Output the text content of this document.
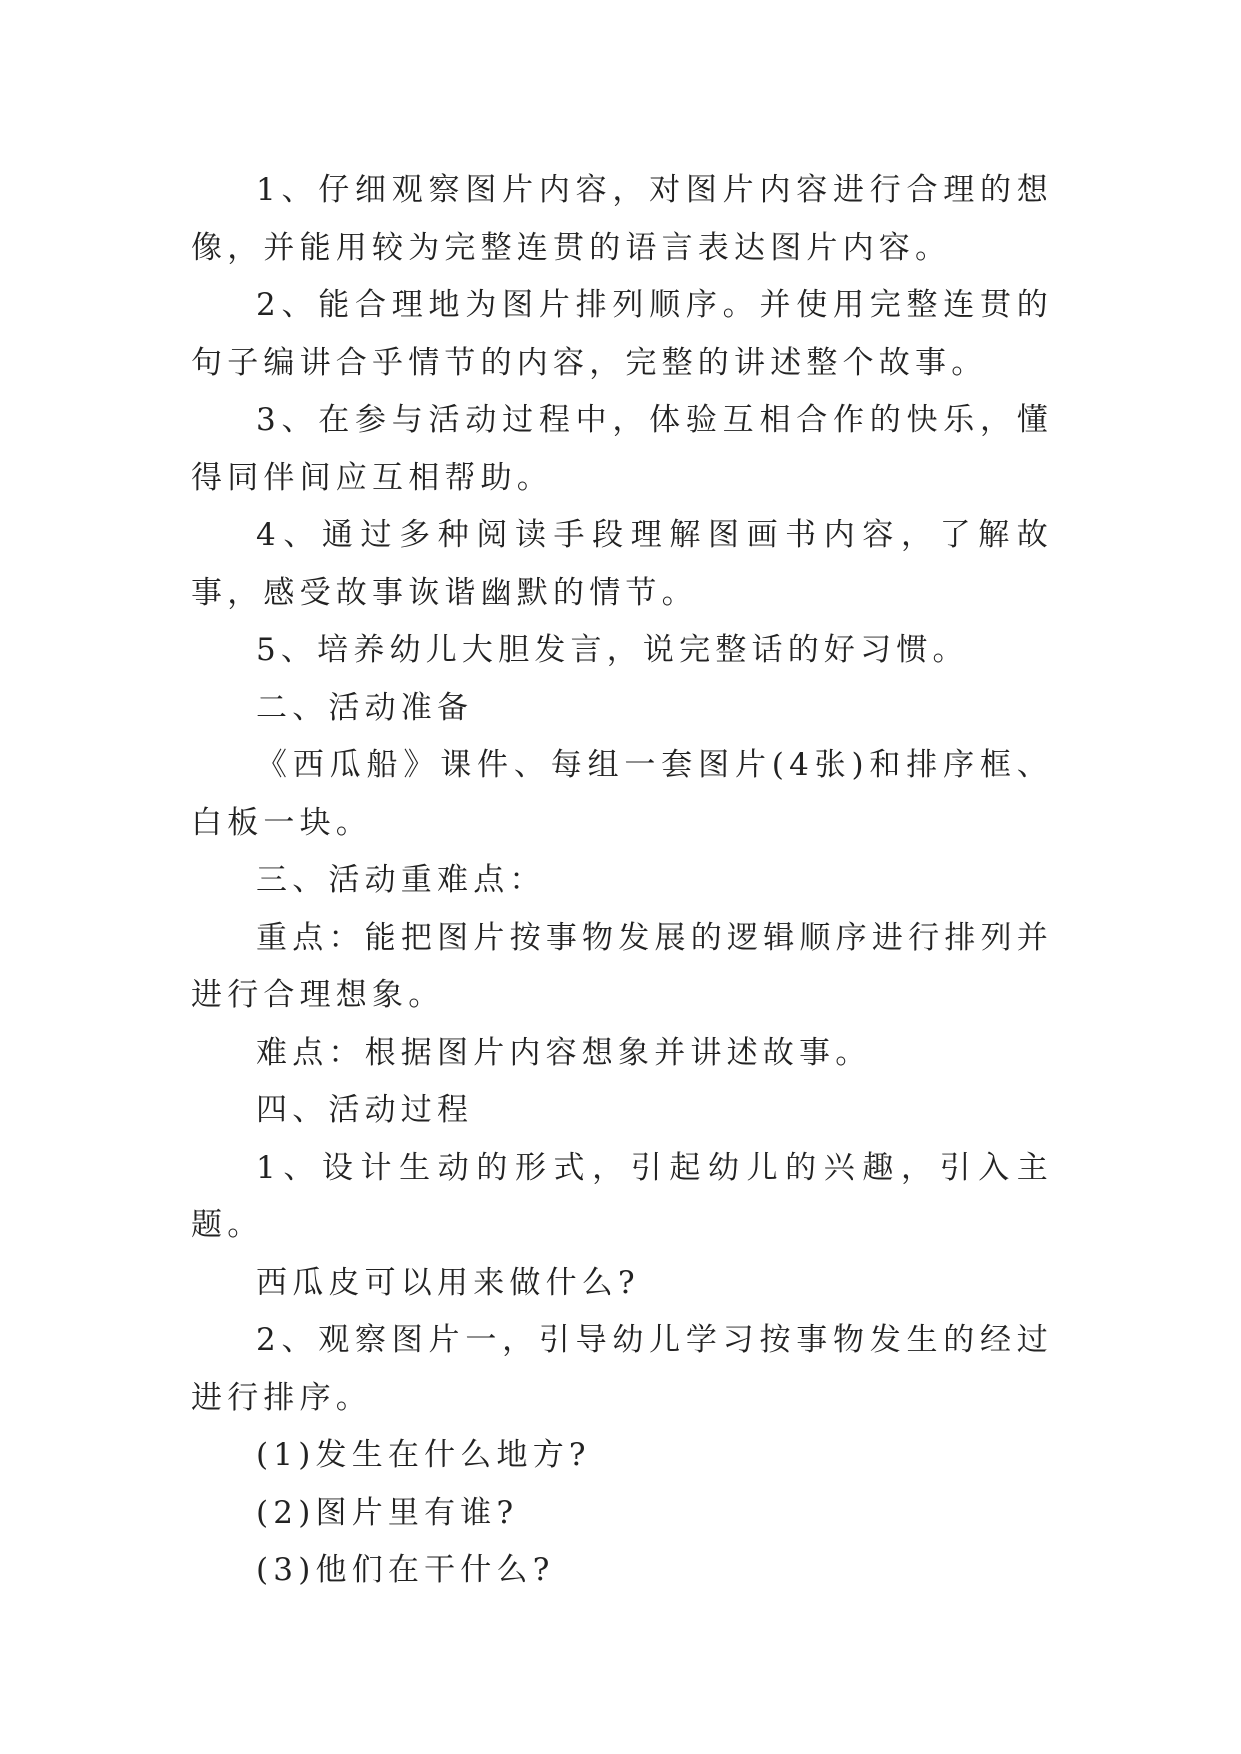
1、仔细观察图片内容，对图片内容进行合理的想像，并能用较为完整连贯的语言表达图片内容。

2、能合理地为图片排列顺序。并使用完整连贯的句子编讲合乎情节的内容，完整的讲述整个故事。

3、在参与活动过程中，体验互相合作的快乐，懂得同伴间应互相帮助。

4、通过多种阅读手段理解图画书内容，了解故事，感受故事诙谐幽默的情节。

5、培养幼儿大胆发言，说完整话的好习惯。

二、活动准备

《西瓜船》课件、每组一套图片(4张)和排序框、白板一块。

三、活动重难点：

重点：能把图片按事物发展的逻辑顺序进行排列并进行合理想象。

难点：根据图片内容想象并讲述故事。

四、活动过程

1、设计生动的形式，引起幼儿的兴趣，引入主题。

西瓜皮可以用来做什么?

2、观察图片一，引导幼儿学习按事物发生的经过进行排序。

(1)发生在什么地方?

(2)图片里有谁?

(3)他们在干什么?
